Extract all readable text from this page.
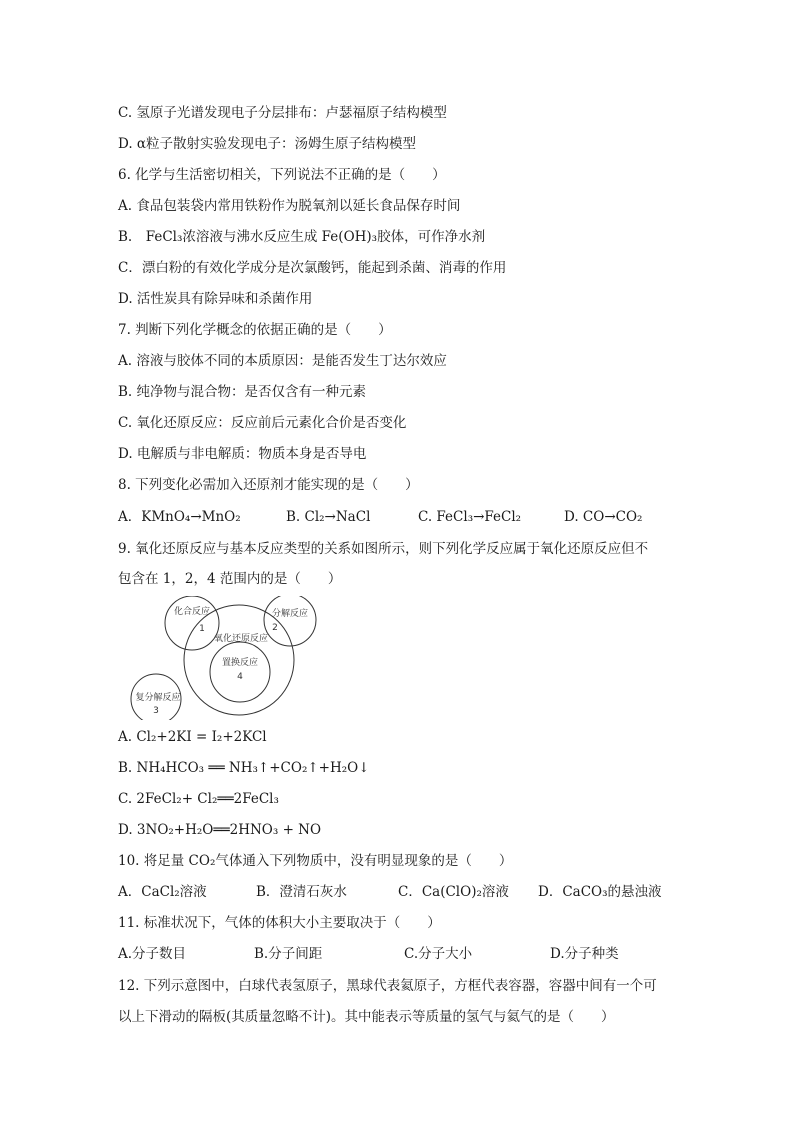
C. 氢原子光谱发现电子分层排布：卢瑟福原子结构模型
D. α粒子散射实验发现电子：汤姆生原子结构模型
6. 化学与生活密切相关，下列说法不正确的是（　　）
A. 食品包装袋内常用铁粉作为脱氧剂以延长食品保存时间
B.　FeCl₃浓溶液与沸水反应生成 Fe(OH)₃胶体，可作净水剂
C．漂白粉的有效化学成分是次氯酸钙，能起到杀菌、消毒的作用
D. 活性炭具有除异味和杀菌作用
7. 判断下列化学概念的依据正确的是（　　）
A. 溶液与胶体不同的本质原因：是能否发生丁达尔效应
B. 纯净物与混合物：是否仅含有一种元素
C. 氧化还原反应：反应前后元素化合价是否变化
D. 电解质与非电解质：物质本身是否导电
8. 下列变化必需加入还原剂才能实现的是（　　）
A．KMnO₄→MnO₂	B. Cl₂→NaCl	C. FeCl₃→FeCl₂	D. CO→CO₂
9. 氧化还原反应与基本反应类型的关系如图所示，则下列化学反应属于氧化还原反应但不
包含在 1，2，4 范围内的是（　　）
化合反应
1
分解反应
2
氧化还原反应
置换反应
4
复分解反应
3
A. Cl₂+2KI = I₂+2KCl
B. NH₄HCO₃ ══ NH₃↑+CO₂↑+H₂O↓
C. 2FeCl₂+ Cl₂══2FeCl₃
D. 3NO₂+H₂O══2HNO₃ + NO
10. 将足量 CO₂气体通入下列物质中，没有明显现象的是（　　）
A．CaCl₂溶液	B．澄清石灰水	C．Ca(ClO)₂溶液 D．CaCO₃的悬浊液
11. 标准状况下，气体的体积大小主要取决于（　　）
A.分子数目	B.分子间距	C.分子大小	D.分子种类
12. 下列示意图中，白球代表氢原子，黑球代表氦原子，方框代表容器，容器中间有一个可
以上下滑动的隔板(其质量忽略不计)。其中能表示等质量的氢气与氦气的是（　　）
